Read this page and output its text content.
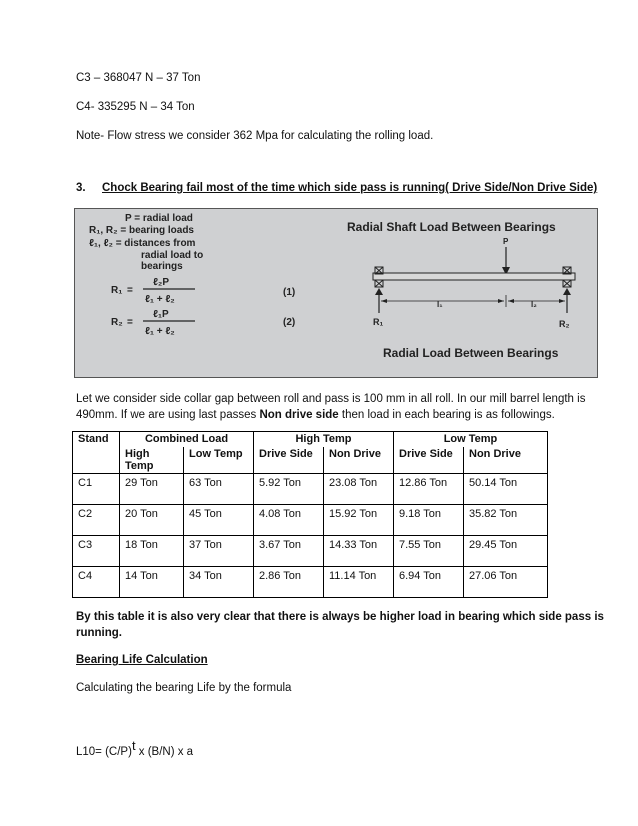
C3 – 368047 N – 37 Ton
C4- 335295 N – 34 Ton
Note- Flow stress we consider 362 Mpa for calculating the rolling load.
3. Chock Bearing fail most of the time which side pass is running( Drive Side/Non Drive Side)
P = radial load
R₁, R₂ = bearing loads
ℓ₁, ℓ₂ = distances from
radial load to
bearings
R₁ =
ℓ₂P
ℓ₁ + ℓ₂
(1)
R₂ =
ℓ₁P
ℓ₁ + ℓ₂
(2)
Radial Shaft Load Between Bearings
Radial Load Between Bearings
P
R₁	R₂
l₁	l₂
Let we consider side collar gap between roll and pass is 100 mm in all roll. In our mill barrel length is
490mm. If we are using last passes Non drive side then load in each bearing is as followings.
Stand	Combined Load		High Temp		Low Temp	
	High Temp	Low Temp	Drive Side	Non Drive	Drive Side	Non Drive
C1	29 Ton	63 Ton	5.92 Ton	23.08 Ton	12.86 Ton	50.14 Ton
C2	20 Ton	45 Ton	4.08 Ton	15.92 Ton	9.18 Ton	35.82 Ton
C3	18 Ton	37 Ton	3.67 Ton	14.33 Ton	7.55 Ton	29.45 Ton
C4	14 Ton	34 Ton	2.86 Ton	11.14 Ton	6.94 Ton	27.06 Ton
By this table it is also very clear that there is always be higher load in bearing which side pass is
running.
Bearing Life Calculation
Calculating the bearing Life by the formula
$L10= (C/P)^t$ x (B/N) x a
